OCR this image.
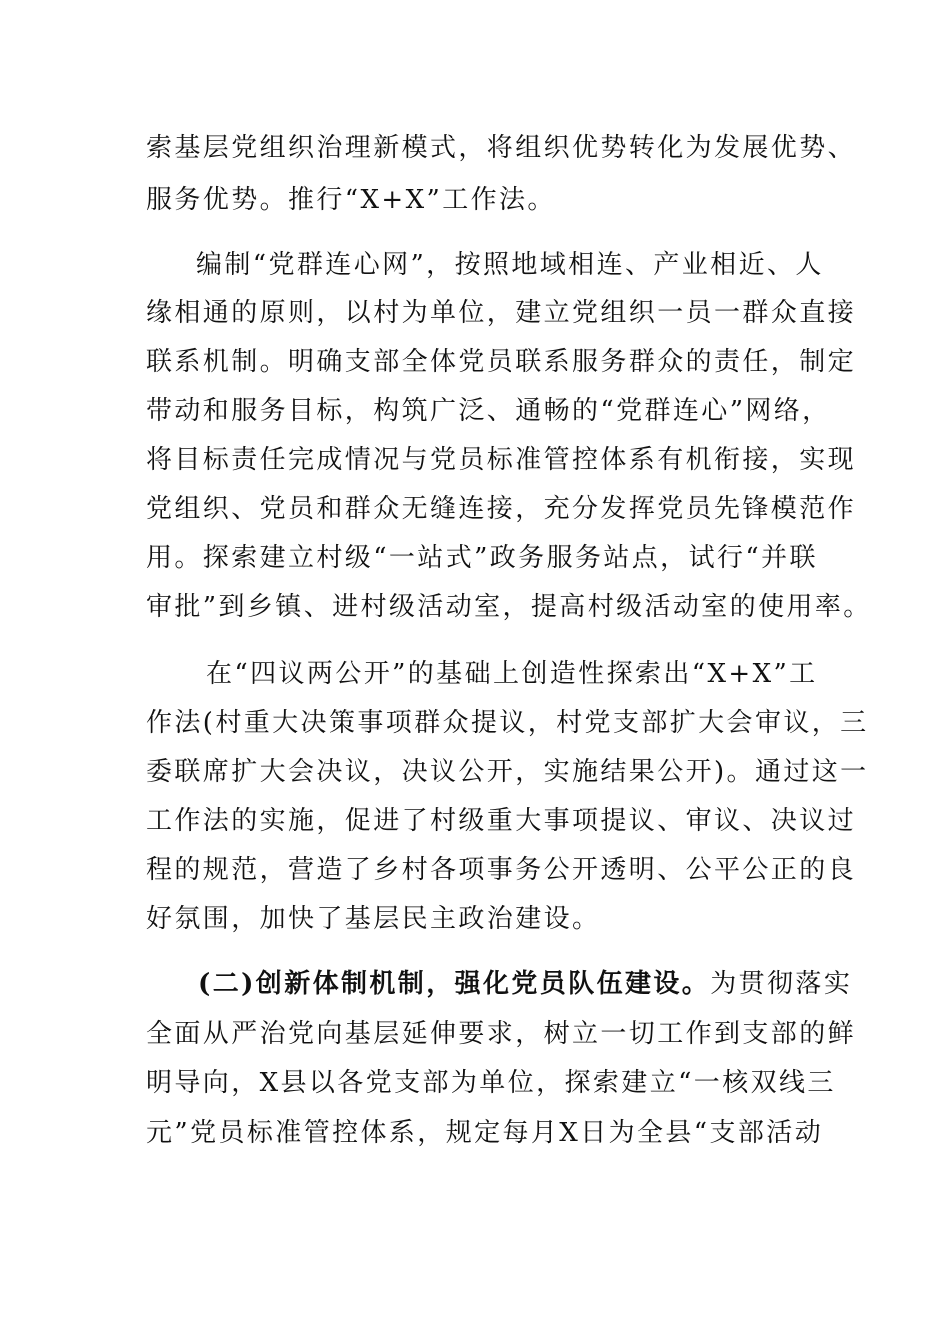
索基层党组织治理新模式，将组织优势转化为发展优势、
服务优势。推行“X+X”工作法。
编制“党群连心网”，按照地域相连、产业相近、人
缘相通的原则，以村为单位，建立党组织一员一群众直接
联系机制。明确支部全体党员联系服务群众的责任，制定
带动和服务目标，构筑广泛、通畅的“党群连心”网络，
将目标责任完成情况与党员标准管控体系有机衔接，实现
党组织、党员和群众无缝连接，充分发挥党员先锋模范作
用。探索建立村级“一站式”政务服务站点，试行“并联
审批”到乡镇、进村级活动室，提高村级活动室的使用率。
在“四议两公开”的基础上创造性探索出“X+X”工
作法(村重大决策事项群众提议，村党支部扩大会审议，三
委联席扩大会决议，决议公开，实施结果公开)。通过这一
工作法的实施，促进了村级重大事项提议、审议、决议过
程的规范，营造了乡村各项事务公开透明、公平公正的良
好氛围，加快了基层民主政治建设。
(二)创新体制机制，强化党员队伍建设。为贯彻落实
全面从严治党向基层延伸要求，树立一切工作到支部的鲜
明导向，X县以各党支部为单位，探索建立“一核双线三
元”党员标准管控体系，规定每月X日为全县“支部活动
